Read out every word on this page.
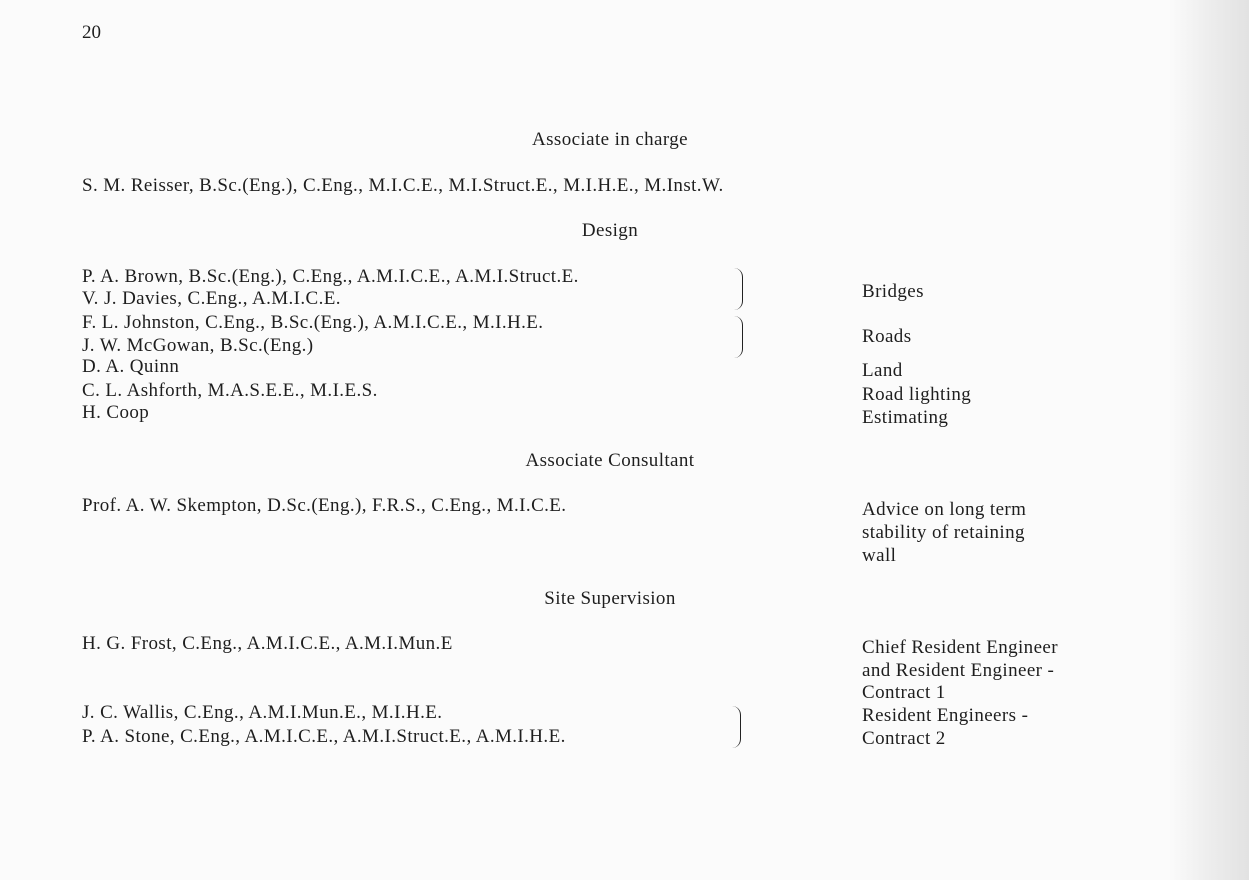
20
Associate in charge
S. M. Reisser, B.Sc.(Eng.), C.Eng., M.I.C.E., M.I.Struct.E., M.I.H.E., M.Inst.W.
Design
P. A. Brown, B.Sc.(Eng.), C.Eng., A.M.I.C.E., A.M.I.Struct.E.
V. J. Davies, C.Eng., A.M.I.C.E.
F. L. Johnston, C.Eng., B.Sc.(Eng.), A.M.I.C.E., M.I.H.E.
J. W. McGowan, B.Sc.(Eng.)
D. A. Quinn
C. L. Ashforth, M.A.S.E.E., M.I.E.S.
H. Coop
Bridges
Roads
Land
Road lighting
Estimating
Associate Consultant
Prof. A. W. Skempton, D.Sc.(Eng.), F.R.S., C.Eng., M.I.C.E.	Advice on long term
stability of retaining
wall
Site Supervision
H. G. Frost, C.Eng., A.M.I.C.E., A.M.I.Mun.E
J. C. Wallis, C.Eng., A.M.I.Mun.E., M.I.H.E.
P. A. Stone, C.Eng., A.M.I.C.E., A.M.I.Struct.E., A.M.I.H.E.
Chief Resident Engineer
and Resident Engineer -
Contract 1
Resident Engineers -
Contract 2
